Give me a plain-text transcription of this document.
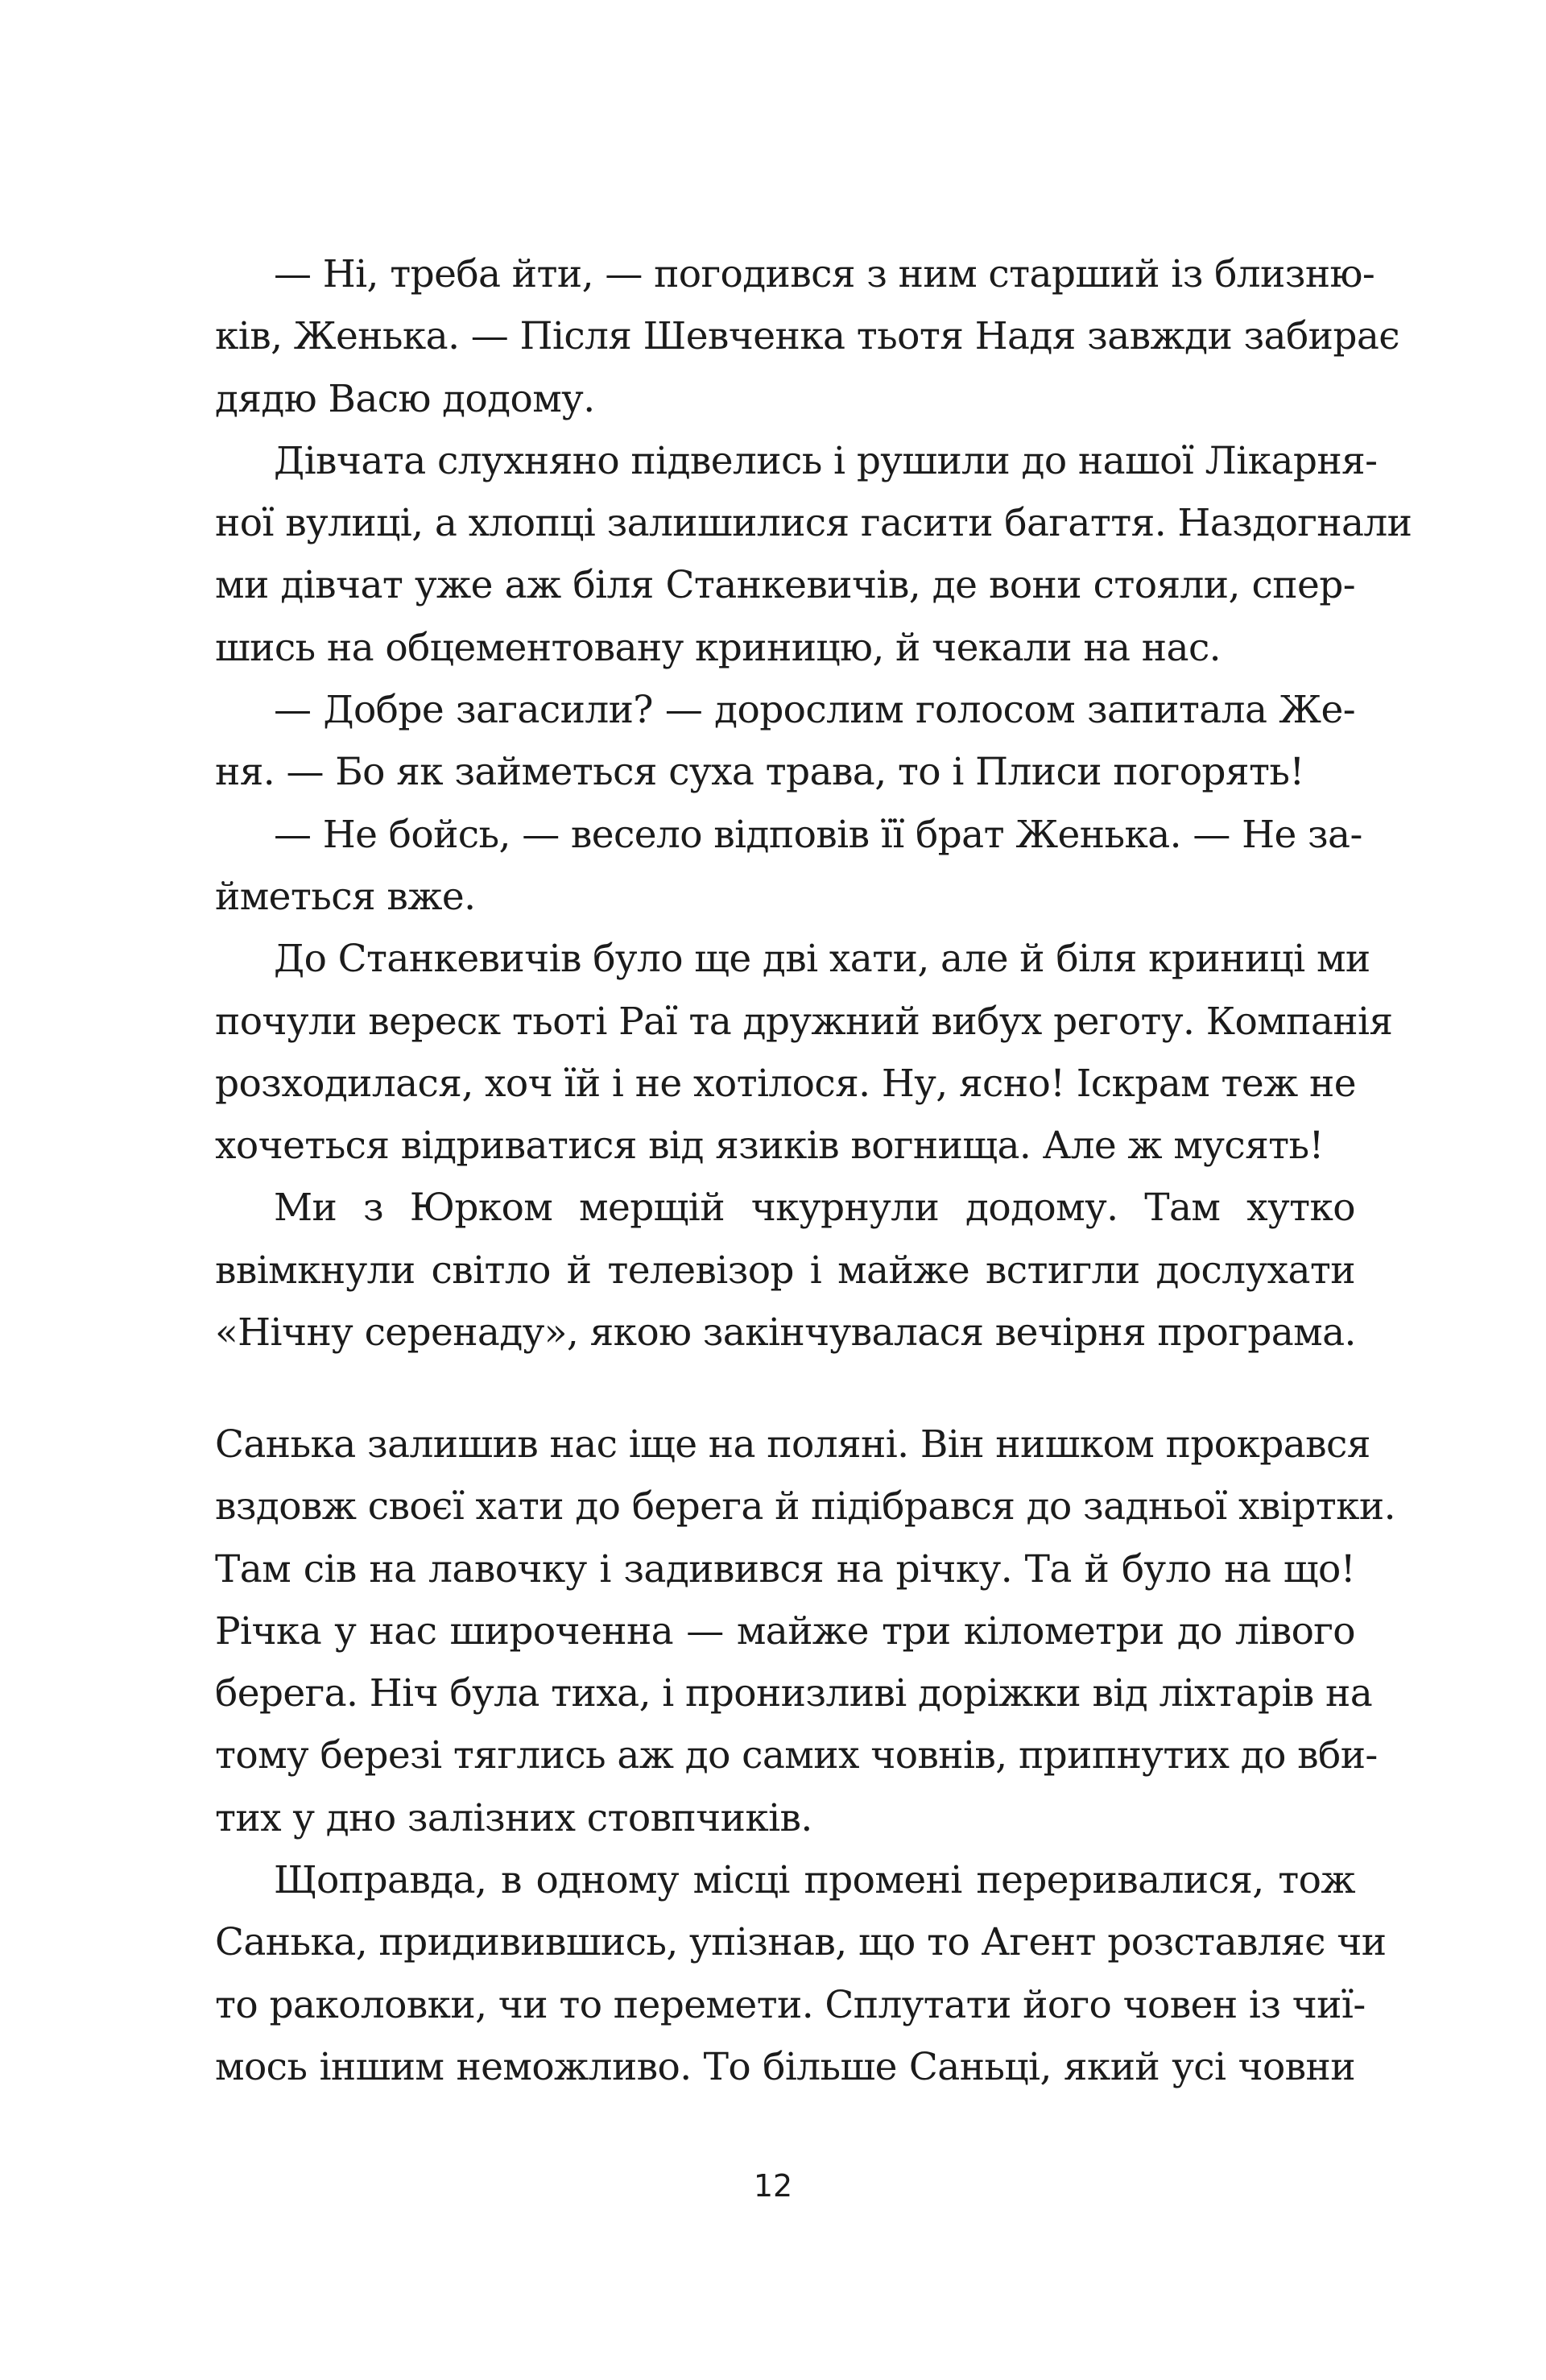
— Ні, треба йти, — погодився з ним старший із близню-
ків, Женька. — Після Шевченка тьотя Надя завжди забирає
дядю Васю додому.
Дівчата слухняно підвелись і рушили до нашої Лікарня-
ної вулиці, а хлопці залишилися гасити багаття. Наздогнали
ми дівчат уже аж біля Станкевичів, де вони стояли, спер-
шись на обцементовану криницю, й чекали на нас.
— Добре загасили? — дорослим голосом запитала Же-
ня. — Бо як займеться суха трава, то і Плиси погорять!
— Не бойсь, — весело відповів її брат Женька. — Не за-
йметься вже.
До Станкевичів було ще дві хати, але й біля криниці ми
почули вереск тьоті Раї та дружний вибух реготу. Компанія
розходилася, хоч їй і не хотілося. Ну, ясно! Іскрам теж не
хочеться відриватися від язиків вогнища. Але ж мусять!
Ми з Юрком мерщій чкурнули додому. Там хутко
ввімкнули світло й телевізор і майже встигли дослухати
«Нічну серенаду», якою закінчувалася вечірня програма.
Санька залишив нас іще на поляні. Він нишком прокрався
вздовж своєї хати до берега й підібрався до задньої хвіртки.
Там сів на лавочку і задивився на річку. Та й було на що!
Річка у нас широченна — майже три кілометри до лівого
берега. Ніч була тиха, і пронизливі доріжки від ліхтарів на
тому березі тяглись аж до самих човнів, припнутих до вби-
тих у дно залізних стовпчиків.
Щоправда, в одному місці промені переривалися, тож
Санька, придивившись, упізнав, що то Агент розставляє чи
то раколовки, чи то перемети. Сплутати його човен із чиї-
мось іншим неможливо. То більше Саньці, який усі човни
12
